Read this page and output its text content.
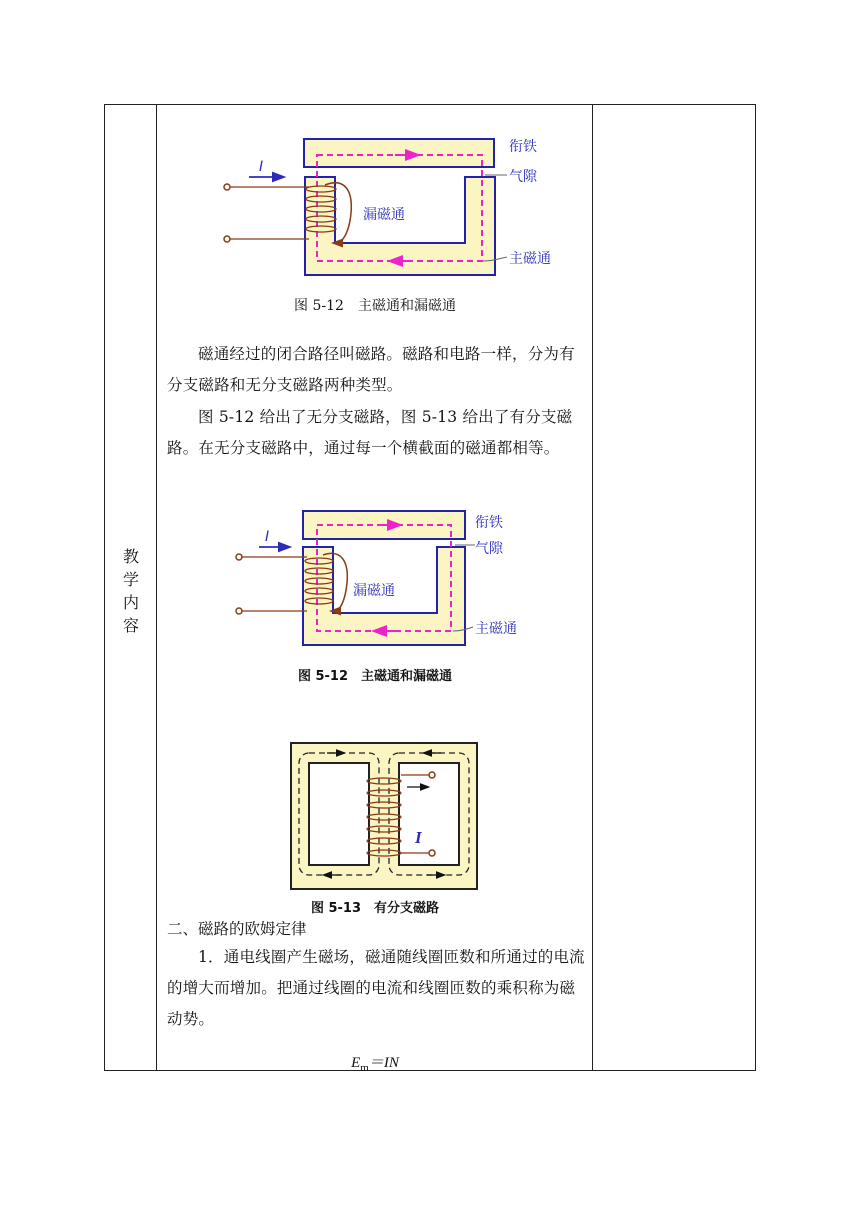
教
学
内
容
I
漏磁通
衔铁
气隙
主磁通
图 5-12　主磁通和漏磁通

磁通经过的闭合路径叫磁路。磁路和电路一样，分为有分支磁路和无分支磁路两种类型。

图 5-12 给出了无分支磁路，图 5-13 给出了有分支磁路。在无分支磁路中，通过每一个横截面的磁通都相等。

I
漏磁通
衔铁
气隙
主磁通
图 5-12　主磁通和漏磁通
I
图 5-13　有分支磁路
二、磁路的欧姆定律

1．通电线圈产生磁场，磁通随线圈匝数和所通过的电流的增大而增加。把通过线圈的电流和线圈匝数的乘积称为磁动势。

$E_m=IN$
